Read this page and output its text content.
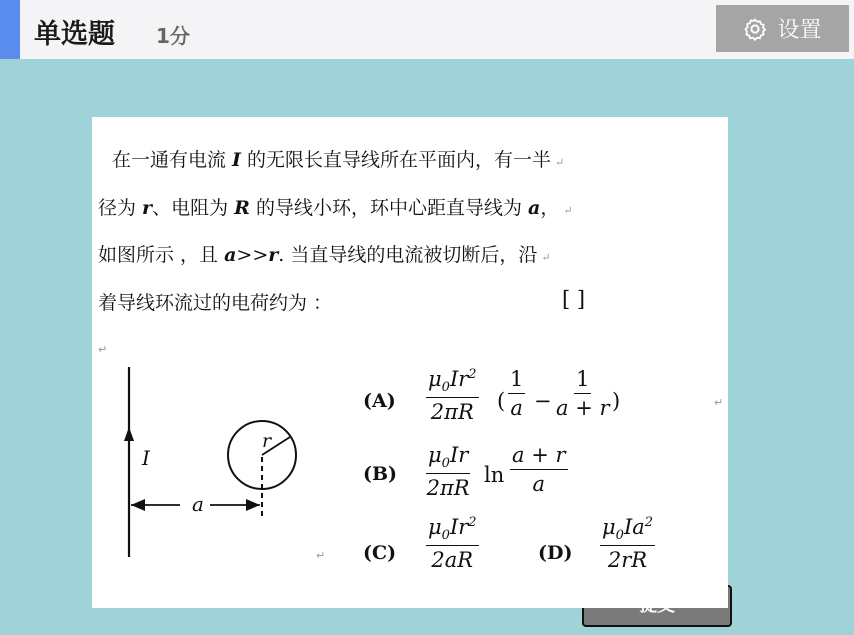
单选题 1分	设置
在一通有电流 I 的无限长直导线所在平面内，有一半 ↵
径为 r、电阻为 R 的导线小环，环中心距直导线为 a， ↵
如图所示 ，且 a>>r. 当直导线的电流被切断后，沿 ↵
着导线环流过的电荷约为 ：	[ ]
↵
↵
↵
I
r
a
$(A) \frac{\mu_0Ir^2}{2\pi R}$ ( $\frac{1}{a} - \frac{1}{a + r}$ )
$(B) \frac{\mu_0Ir}{2\pi R}$ $\ln \frac{a + r}{a}$
$(C) \frac{\mu_0Ir^2}{2aR}$	$(D) \frac{\mu_0Ia^2}{2rR}$
